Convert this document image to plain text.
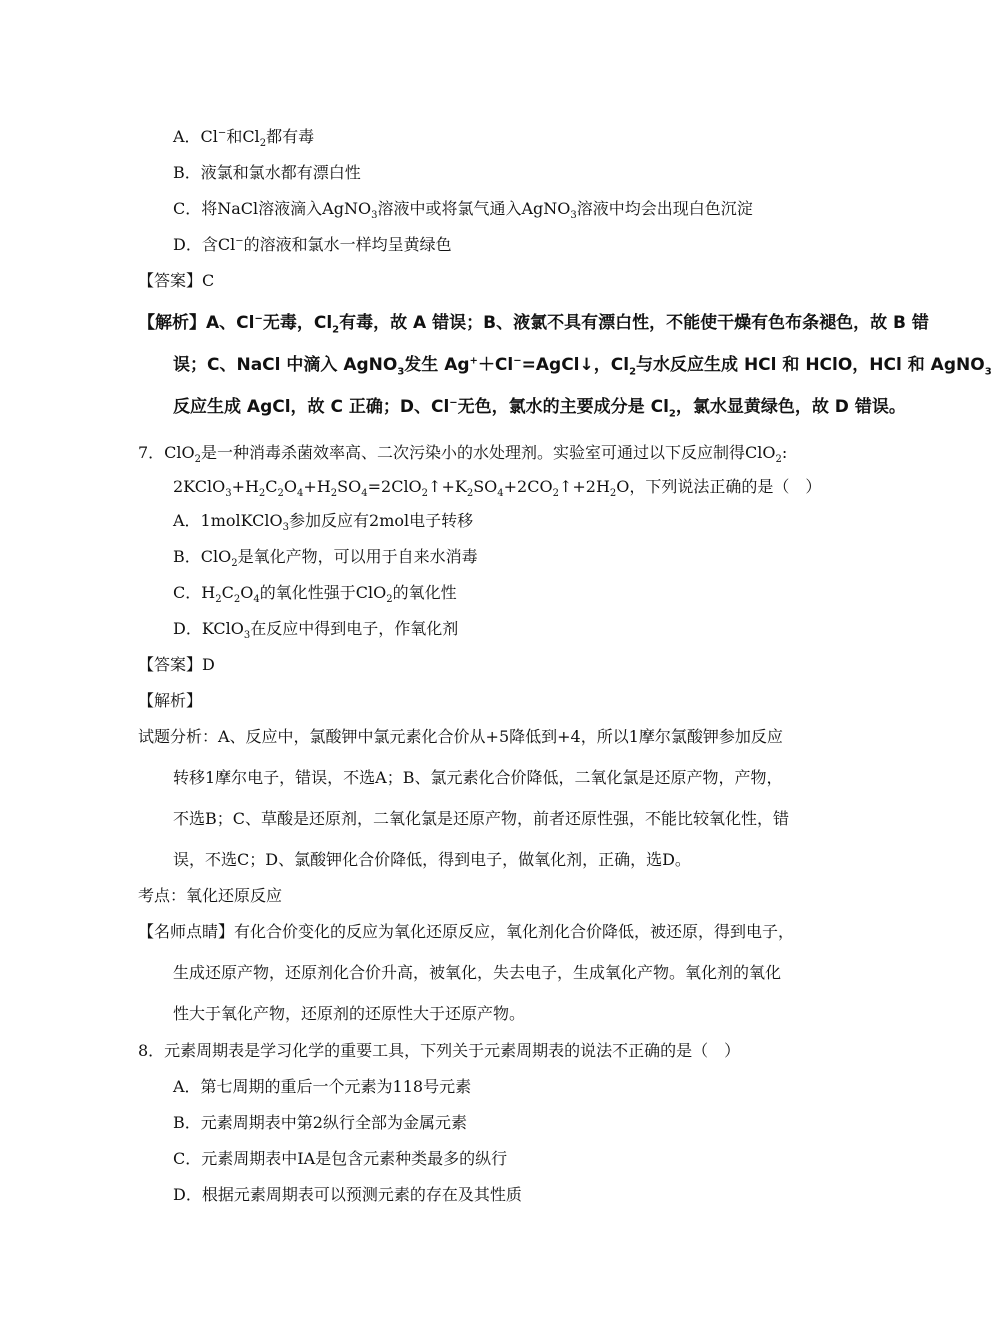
A．Cl−和$Cl_2$都有毒
B．液氯和氯水都有漂白性
C．将NaCl溶液滴入AgNO$_3$溶液中或将氯气通入AgNO$_3$溶液中均会出现白色沉淀
D．含Cl−的溶液和氯水一样均呈黄绿色
【答案】C
【解析】A、Cl−无毒，$Cl_2$有毒，故 A 错误；B、液氯不具有漂白性，不能使干燥有色布条褪色，故 B 错
误；C、NaCl 中滴入 AgNO$_3$发生 Ag+＋Cl−=AgCl↓，$Cl_2$与水反应生成 HCl 和 HClO，HCl 和 AgNO$_3$
反应生成 AgCl，故 C 正确；D、Cl−无色，氯水的主要成分是 $Cl_2$，氯水显黄绿色，故 D 错误。
7．ClO$_2$是一种消毒杀菌效率高、二次污染小的水处理剂。实验室可通过以下反应制得ClO$_2$:
$2KClO_3+H_2C_2O_4+H_2SO_4=2ClO_2↑+K_2SO_4+2CO_2↑+2H_2O$，下列说法正确的是（　）
A．1molKClO$_3$参加反应有2mol电子转移
B．ClO$_2$是氧化产物，可以用于自来水消毒
C．$H_2C_2O_4$的氧化性强于ClO$_2$的氧化性
D．KClO$_3$在反应中得到电子，作氧化剂
【答案】D
【解析】
试题分析：A、反应中，氯酸钾中氯元素化合价从+5降低到+4，所以1摩尔氯酸钾参加反应
转移1摩尔电子，错误，不选A；B、氯元素化合价降低，二氧化氯是还原产物，产物，
不选B；C、草酸是还原剂，二氧化氯是还原产物，前者还原性强，不能比较氧化性，错
误，不选C；D、氯酸钾化合价降低，得到电子，做氧化剂，正确，选D。
考点：氧化还原反应
【名师点睛】有化合价变化的反应为氧化还原反应，氧化剂化合价降低，被还原，得到电子，
生成还原产物，还原剂化合价升高，被氧化，失去电子，生成氧化产物。氧化剂的氧化
性大于氧化产物，还原剂的还原性大于还原产物。
8．元素周期表是学习化学的重要工具，下列关于元素周期表的说法不正确的是（　）
A．第七周期的重后一个元素为118号元素
B．元素周期表中第2纵行全部为金属元素
C．元素周期表中IA是包含元素种类最多的纵行
D．根据元素周期表可以预测元素的存在及其性质
